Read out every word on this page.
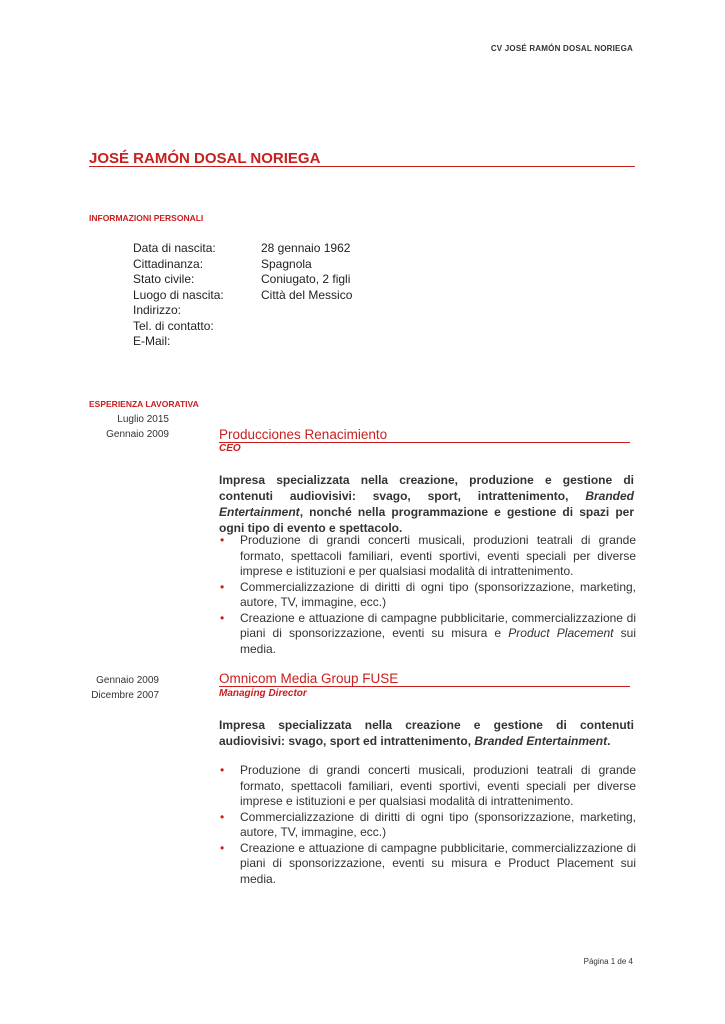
CV JOSÉ RAMÓN DOSAL NORIEGA
JOSÉ RAMÓN DOSAL NORIEGA
INFORMAZIONI PERSONALI
Data di nascita:	28 gennaio 1962
Cittadinanza:	Spagnola
Stato civile:	Coniugato, 2 figli
Luogo di nascita:	Città del Messico
Indirizzo:
Tel. di contatto:
E-Mail:
ESPERIENZA LAVORATIVA
Luglio 2015
Gennaio 2009	Producciones Renacimiento
CEO
Impresa specializzata nella creazione, produzione e gestione di contenuti audiovisivi: svago, sport, intrattenimento, Branded Entertainment, nonché nella programmazione e gestione di spazi per ogni tipo di evento e spettacolo.
• Produzione di grandi concerti musicali, produzioni teatrali di grande formato, spettacoli familiari, eventi sportivi, eventi speciali per diverse imprese e istituzioni e per qualsiasi modalità di intrattenimento.
• Commercializzazione di diritti di ogni tipo (sponsorizzazione, marketing, autore, TV, immagine, ecc.)
• Creazione e attuazione di campagne pubblicitarie, commercializzazione di piani di sponsorizzazione, eventi su misura e Product Placement sui media.
Gennaio 2009
Dicembre 2007
Omnicom Media Group FUSE
Managing Director
Impresa specializzata nella creazione e gestione di contenuti audiovisivi: svago, sport ed intrattenimento, Branded Entertainment.
• Produzione di grandi concerti musicali, produzioni teatrali di grande formato, spettacoli familiari, eventi sportivi, eventi speciali per diverse imprese e istituzioni e per qualsiasi modalità di intrattenimento.
• Commercializzazione di diritti di ogni tipo (sponsorizzazione, marketing, autore, TV, immagine, ecc.)
• Creazione e attuazione di campagne pubblicitarie, commercializzazione di piani di sponsorizzazione, eventi su misura e Product Placement sui media.
Página 1 de 4
